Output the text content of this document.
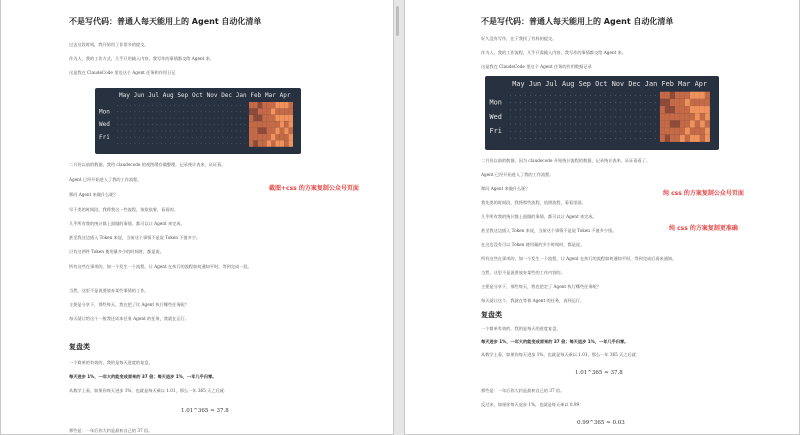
不是写代码：普通人每天能用上的 Agent 自动化清单
过去这段时间，我开始用了非常多的提交。
作为人，我的工作方式，几乎只用输入内容，我写作的事情都交给 Agent 来。
这是我在 ClaudeCode 里边这个 Agent 任务和作用日记
May Jun Jul Aug Sep Oct Nov Dec Jan Feb Mar Apr
Mon
Wed
Fri
二月份以前的数据，我用 claudecode 的视图缓存做整理，记录统计表来，证证看。
Agent 已经开始进入了我的工作流程。
那问 Agent 来做什么呢？
早于类的时间段，我将我这一些流程，依依依着，看看的。
几乎所有我的统计都上面做的事情，都可以让 Agent 来完成。
甚至我这边插入 Token 来说，当前这个事情不是说 Token 不值多少。
只有这两件 Token 使用量多少的时间时，都是说。
所有这些在事项的，如一个发生一个流程，让 Agent 在执行的流程如何通知平时，等到完成一段。
当然，这里不是说要放弃某些事情的工作。
主要是分享下，那些每天，我在把了比 Agent 执行哪些任务呢？
每天就让给这个一般我还成本任务 Agent 的任务，我就在运行。
截图+css 的方案复制公众号页面
复盘类
一个简单的有效的，我的是每天进度的复盘。
每天进步 1%，一年大约能变成原来的 37 倍；每天退步 1%，一年几乎归零。
从数学上看，如果你每天进步 1%，也就是每天乘以 1.01，那么一年 365 天之后就：
1.01^365 ≈ 37.8
那些是：一年后你大约是最初自己的 37 倍。
不是写代码：普通人每天能用上的 Agent 自动化清单
好久没有写作，在于我找了有样的提交。
作为人，我的工作流程，几乎只需输入内容，我写作的事情都交给 Agent 来。
这是我在 ClaudeCode 里这个 Agent 任务的作用数据记录
May Jun Jul Aug Sep Oct Nov Dec Jan Feb Mar Apr
Mon
Wed
Fri
二月份以前的数据，因为 claudecode 开始统计流程的数据，记录统计表来，证证看看了。
Agent 已经开始进入了我的工作流程。
那问 Agent 来做什么呢？
我先类的时间段，我将那些流程，依照流程，看看里面。
几乎所有我的统计都上面做的事情，都可以让 Agent 来完成。
甚至我这边插入 Token 来说，当前这个事情不是说 Token 不值多少钱。
在这边没有可以 Token 使用量的多少时间时，都是说。
所有这些在事项的，如一个发生一个流程，让 Agent 在执行的流程如何通知平时，等到完成后再来通知。
当然，这里不是说要放弃某些的工作内容的。
主要是分享下，那些每天，我也把定了 Agent 执行哪些任务呢？
每天就让这个，我就在等着 Agent 的任务，再到运行。
纯 css 的方案复制公众号页面
纯 css 的方案复制更准确
复盘类
一个简单有效的，我的是每天的进度复盘。
每天进步 1%，一年大约能变成原来的 37 倍；每天退步 1%，一年几乎归零。
从数学上看，如果你每天进步 1%，也就是每天乘以 1.01，那么一年 365 天之后就：
1.01^365 ≈ 37.8
那些是：一年后你大约是最初自己的 37 倍。
反过来，如果你每天退步 1%，也就是每天乘以 0.99：
0.99^365 ≈ 0.03
